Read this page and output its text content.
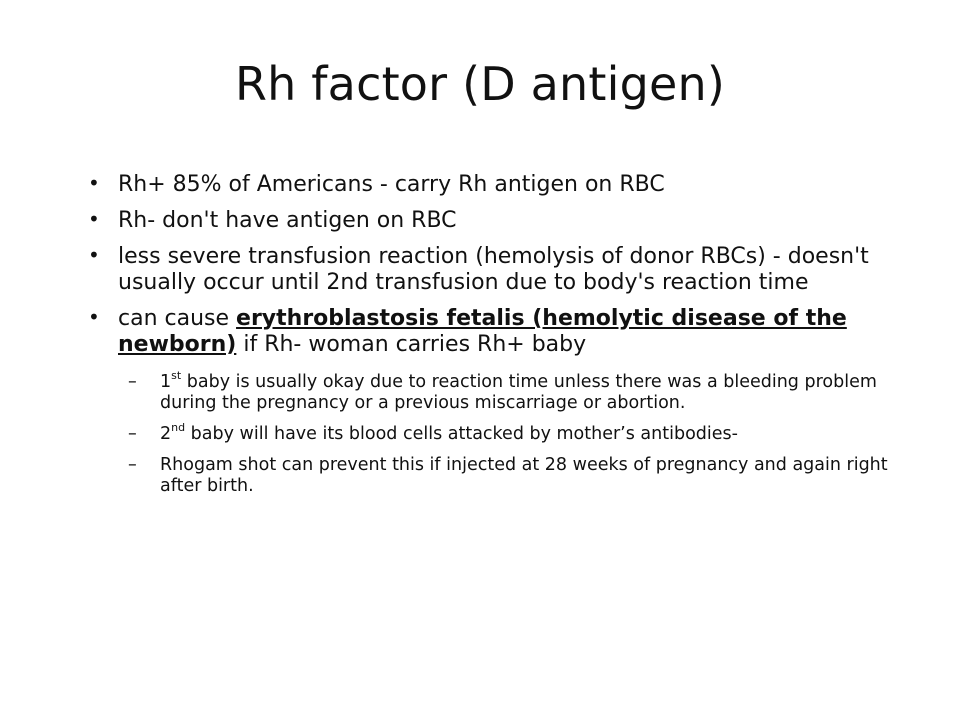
Rh factor (D antigen)
• Rh+ 85% of Americans - carry Rh antigen on RBC
• Rh- don't have antigen on RBC
• less severe transfusion reaction (hemolysis of donor RBCs) - doesn't usually occur until 2nd transfusion due to body's reaction time
• can cause erythroblastosis fetalis (hemolytic disease of the newborn) if Rh- woman carries Rh+ baby
– 1st baby is usually okay due to reaction time unless there was a bleeding problem during the pregnancy or a previous miscarriage or abortion.
– 2nd baby will have its blood cells attacked by mother’s antibodies-
– Rhogam shot can prevent this if injected at 28 weeks of pregnancy and again right after birth.
